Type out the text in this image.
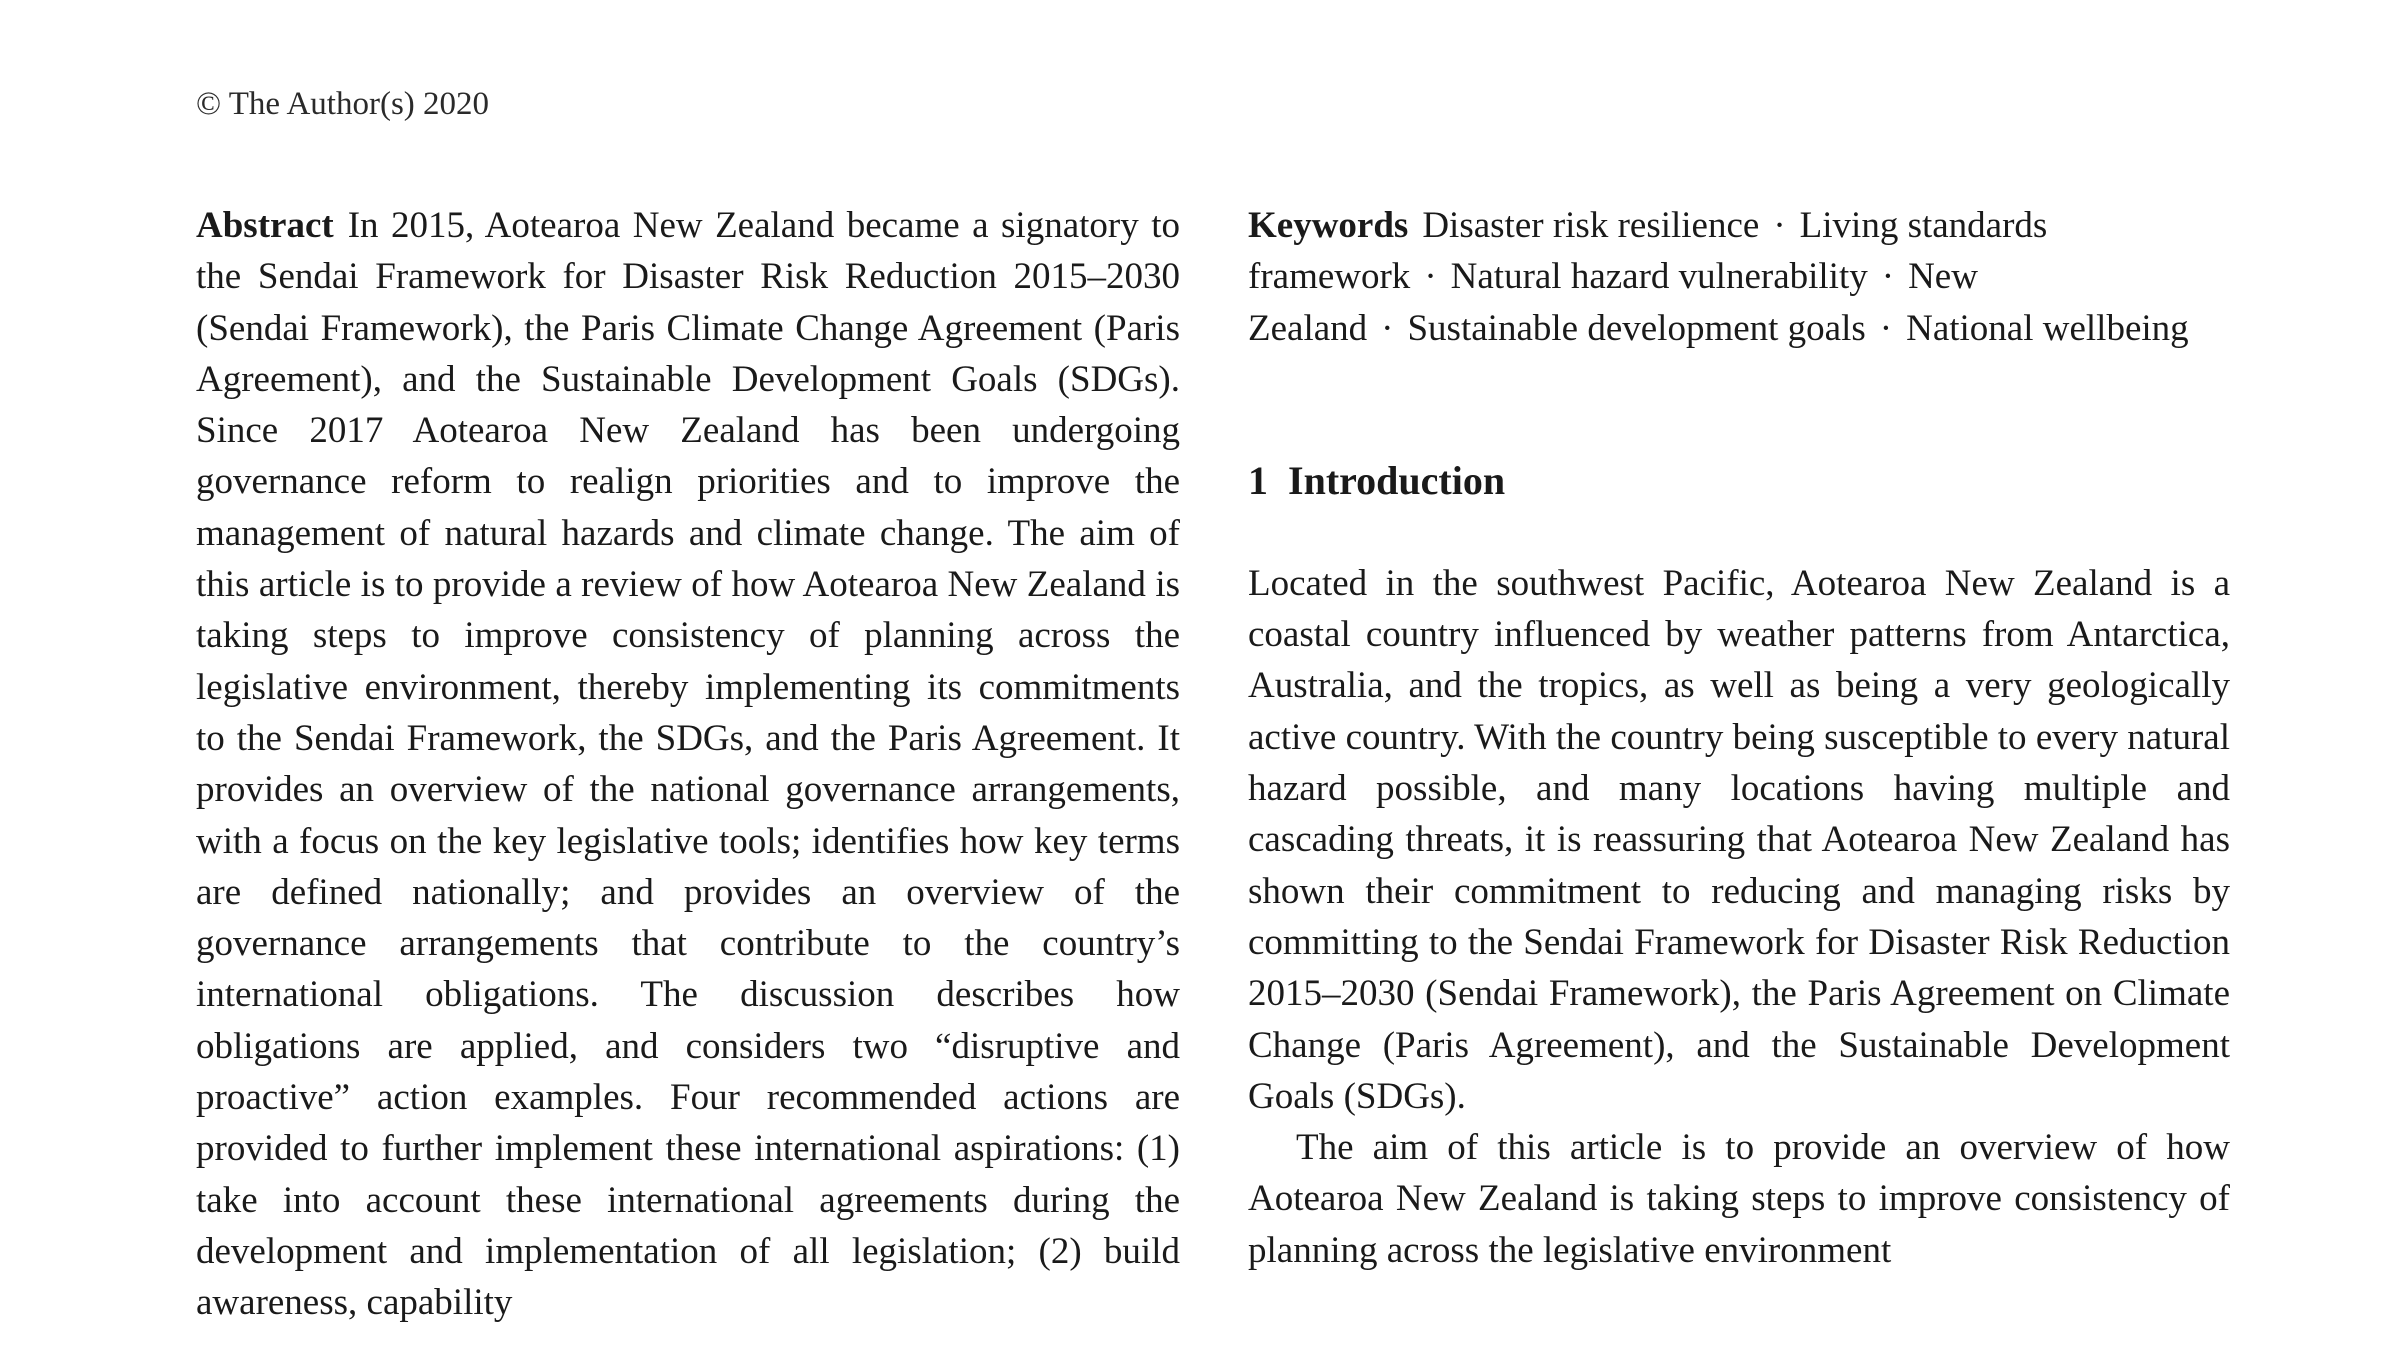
© The Author(s) 2020

Abstract In 2015, Aotearoa New Zealand became a signatory to the Sendai Framework for Disaster Risk Reduction 2015–2030 (Sendai Framework), the Paris Climate Change Agreement (Paris Agreement), and the Sustainable Development Goals (SDGs). Since 2017 Aotearoa New Zealand has been undergoing governance reform to realign priorities and to improve the management of natural hazards and climate change. The aim of this article is to provide a review of how Aotearoa New Zealand is taking steps to improve consistency of planning across the legislative environment, thereby implementing its commitments to the Sendai Framework, the SDGs, and the Paris Agreement. It provides an overview of the national governance arrangements, with a focus on the key legislative tools; identifies how key terms are defined nationally; and provides an overview of the governance arrangements that contribute to the country’s international obligations. The discussion describes how obligations are applied, and considers two “disruptive and proactive” action examples. Four recommended actions are provided to further implement these international aspirations: (1) take into account these international agreements during the development and implementation of all legislation; (2) build awareness, capability

Keywords Disaster risk resilience · Living standards framework · Natural hazard vulnerability · New Zealand · Sustainable development goals · National wellbeing

1 Introduction

Located in the southwest Pacific, Aotearoa New Zealand is a coastal country influenced by weather patterns from Antarctica, Australia, and the tropics, as well as being a very geologically active country. With the country being susceptible to every natural hazard possible, and many locations having multiple and cascading threats, it is reassuring that Aotearoa New Zealand has shown their commitment to reducing and managing risks by committing to the Sendai Framework for Disaster Risk Reduction 2015–2030 (Sendai Framework), the Paris Agreement on Climate Change (Paris Agreement), and the Sustainable Development Goals (SDGs).

The aim of this article is to provide an overview of how Aotearoa New Zealand is taking steps to improve consistency of planning across the legislative environment
